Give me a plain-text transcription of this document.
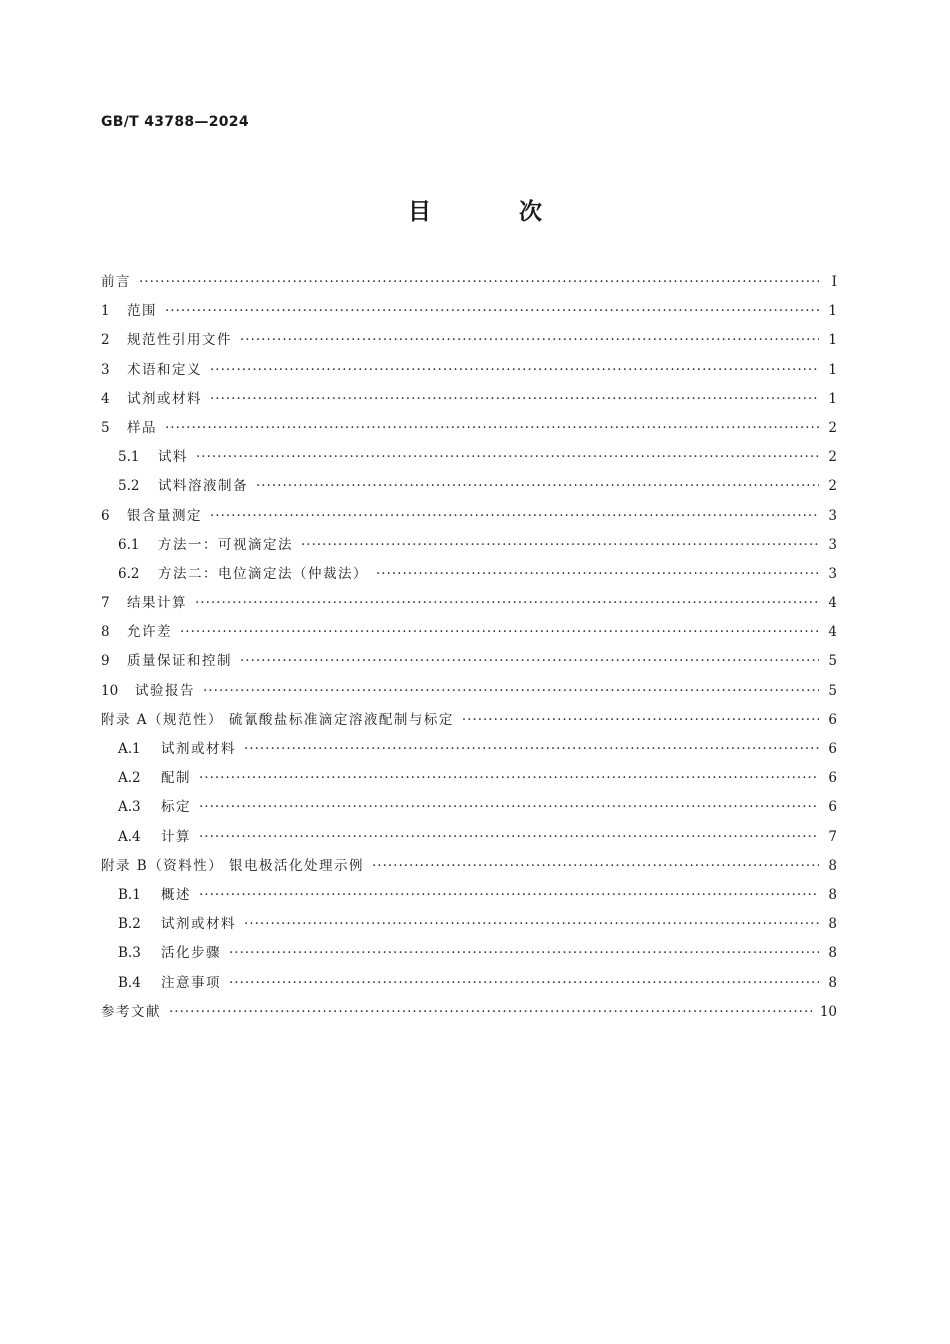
GB/T 43788—2024
目 次
前言 ·····	Ⅰ
1	范围 ·····	1
2	规范性引用文件 ·····	1
3	术语和定义 ·····	1
4	试剂或材料 ·····	1
5	样品 ·····	2
5.1	试料 ·····	2
5.2	试料溶液制备 ·····	2
6	银含量测定 ·····	3
6.1	方法一：可视滴定法 ·····	3
6.2	方法二：电位滴定法（仲裁法） ·····	3
7	结果计算 ·····	4
8	允许差 ·····	4
9	质量保证和控制 ·····	5
10	试验报告 ·····	5
附录 A（规范性） 硫氰酸盐标准滴定溶液配制与标定 ·····	6
A.1	试剂或材料 ·····	6
A.2	配制 ·····	6
A.3	标定 ·····	6
A.4	计算 ·····	7
附录 B（资料性） 银电极活化处理示例 ·····	8
B.1	概述 ·····	8
B.2	试剂或材料 ·····	8
B.3	活化步骤 ·····	8
B.4	注意事项 ·····	8
参考文献 ·····	10
